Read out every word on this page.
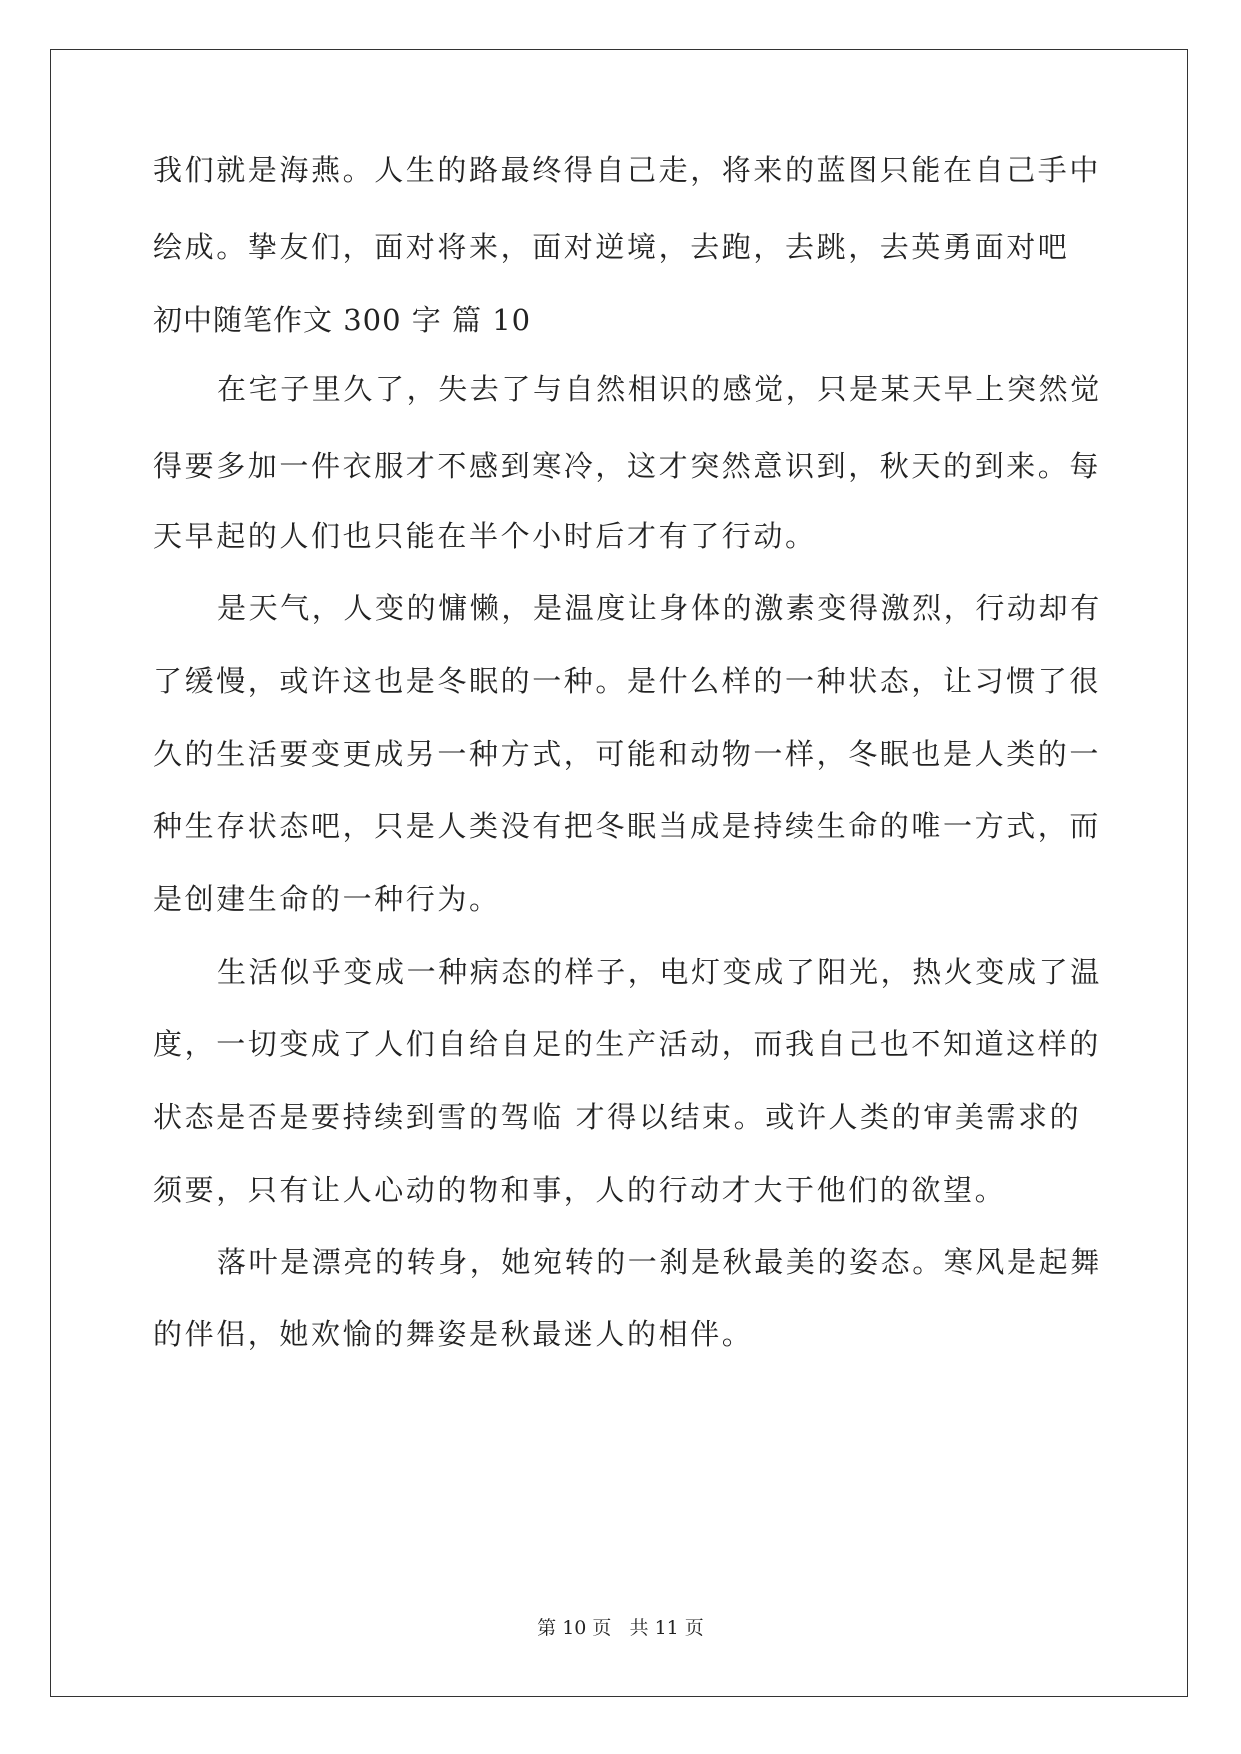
我们就是海燕。人生的路最终得自己走，将来的蓝图只能在自己手中
绘成。挚友们，面对将来，面对逆境，去跑，去跳，去英勇面对吧
初中随笔作文 300 字 篇 10
在宅子里久了，失去了与自然相识的感觉，只是某天早上突然觉
得要多加一件衣服才不感到寒冷，这才突然意识到，秋天的到来。每
天早起的人们也只能在半个小时后才有了行动。
是天气，人变的慵懒，是温度让身体的激素变得激烈，行动却有
了缓慢，或许这也是冬眠的一种。是什么样的一种状态，让习惯了很
久的生活要变更成另一种方式，可能和动物一样，冬眠也是人类的一
种生存状态吧，只是人类没有把冬眠当成是持续生命的唯一方式，而
是创建生命的一种行为。
生活似乎变成一种病态的样子，电灯变成了阳光，热火变成了温
度，一切变成了人们自给自足的生产活动，而我自己也不知道这样的
状态是否是要持续到雪的驾临 才得以结束。或许人类的审美需求的
须要，只有让人心动的物和事，人的行动才大于他们的欲望。
落叶是漂亮的转身，她宛转的一刹是秋最美的姿态。寒风是起舞
的伴侣，她欢愉的舞姿是秋最迷人的相伴。
第 10 页   共 11 页
